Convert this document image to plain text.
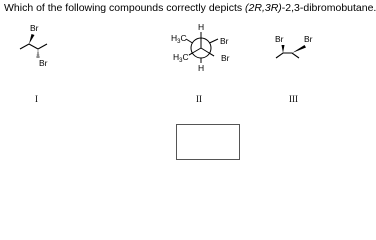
Which of the following compounds correctly depicts (2R,3R)-2,3-dibromobutane.
Br
Br
I
H
$H_3C$
$H_3C$
Br
Br
H
II
Br Br
III
